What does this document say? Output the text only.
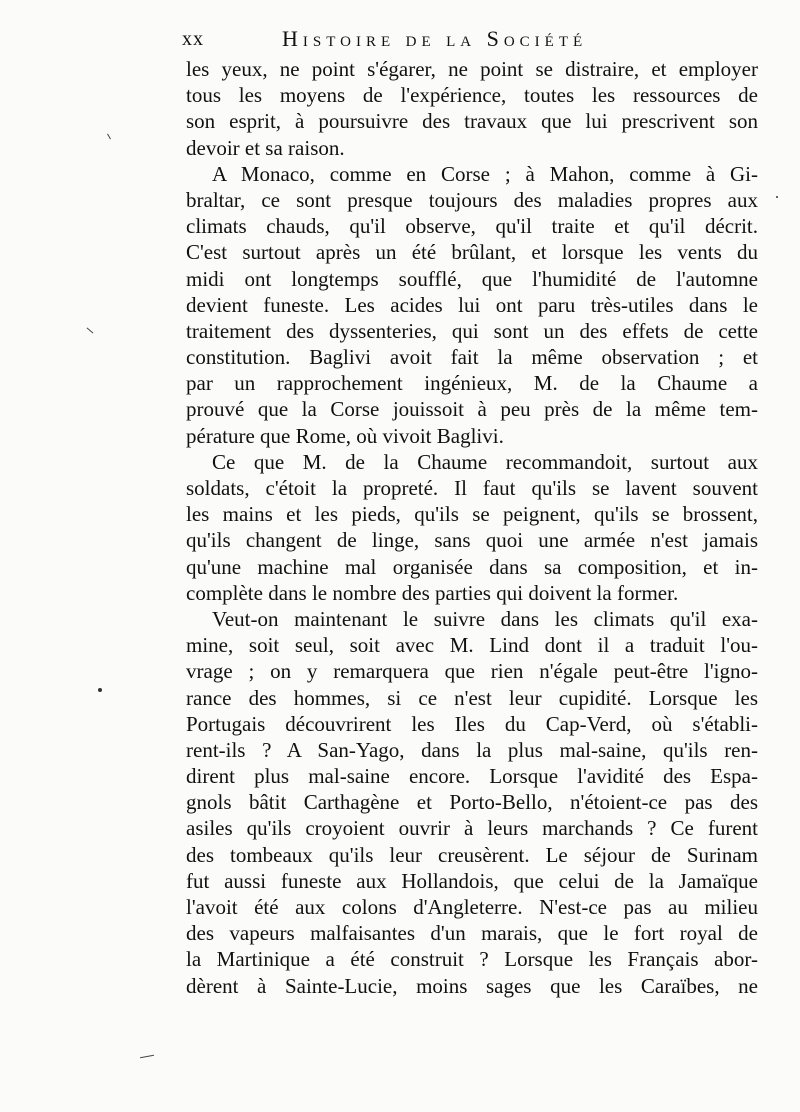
xx	Histoire de la Société
les yeux, ne point s'égarer, ne point se distraire, et employer
tous les moyens de l'expérience, toutes les ressources de
son esprit, à poursuivre des travaux que lui prescrivent son
devoir et sa raison.
A Monaco, comme en Corse ; à Mahon, comme à Gi-
braltar, ce sont presque toujours des maladies propres aux
climats chauds, qu'il observe, qu'il traite et qu'il décrit.
C'est surtout après un été brûlant, et lorsque les vents du
midi ont longtemps soufflé, que l'humidité de l'automne
devient funeste. Les acides lui ont paru très-utiles dans le
traitement des dyssenteries, qui sont un des effets de cette
constitution. Baglivi avoit fait la même observation ; et
par un rapprochement ingénieux, M. de la Chaume a
prouvé que la Corse jouissoit à peu près de la même tem-
pérature que Rome, où vivoit Baglivi.
Ce que M. de la Chaume recommandoit, surtout aux
soldats, c'étoit la propreté. Il faut qu'ils se lavent souvent
les mains et les pieds, qu'ils se peignent, qu'ils se brossent,
qu'ils changent de linge, sans quoi une armée n'est jamais
qu'une machine mal organisée dans sa composition, et in-
complète dans le nombre des parties qui doivent la former.
Veut-on maintenant le suivre dans les climats qu'il exa-
mine, soit seul, soit avec M. Lind dont il a traduit l'ou-
vrage ; on y remarquera que rien n'égale peut-être l'igno-
rance des hommes, si ce n'est leur cupidité. Lorsque les
Portugais découvrirent les Iles du Cap-Verd, où s'établi-
rent-ils ? A San-Yago, dans la plus mal-saine, qu'ils ren-
dirent plus mal-saine encore. Lorsque l'avidité des Espa-
gnols bâtit Carthagène et Porto-Bello, n'étoient-ce pas des
asiles qu'ils croyoient ouvrir à leurs marchands ? Ce furent
des tombeaux qu'ils leur creusèrent. Le séjour de Surinam
fut aussi funeste aux Hollandois, que celui de la Jamaïque
l'avoit été aux colons d'Angleterre. N'est-ce pas au milieu
des vapeurs malfaisantes d'un marais, que le fort royal de
la Martinique a été construit ? Lorsque les Français abor-
dèrent à Sainte-Lucie, moins sages que les Caraïbes, ne
